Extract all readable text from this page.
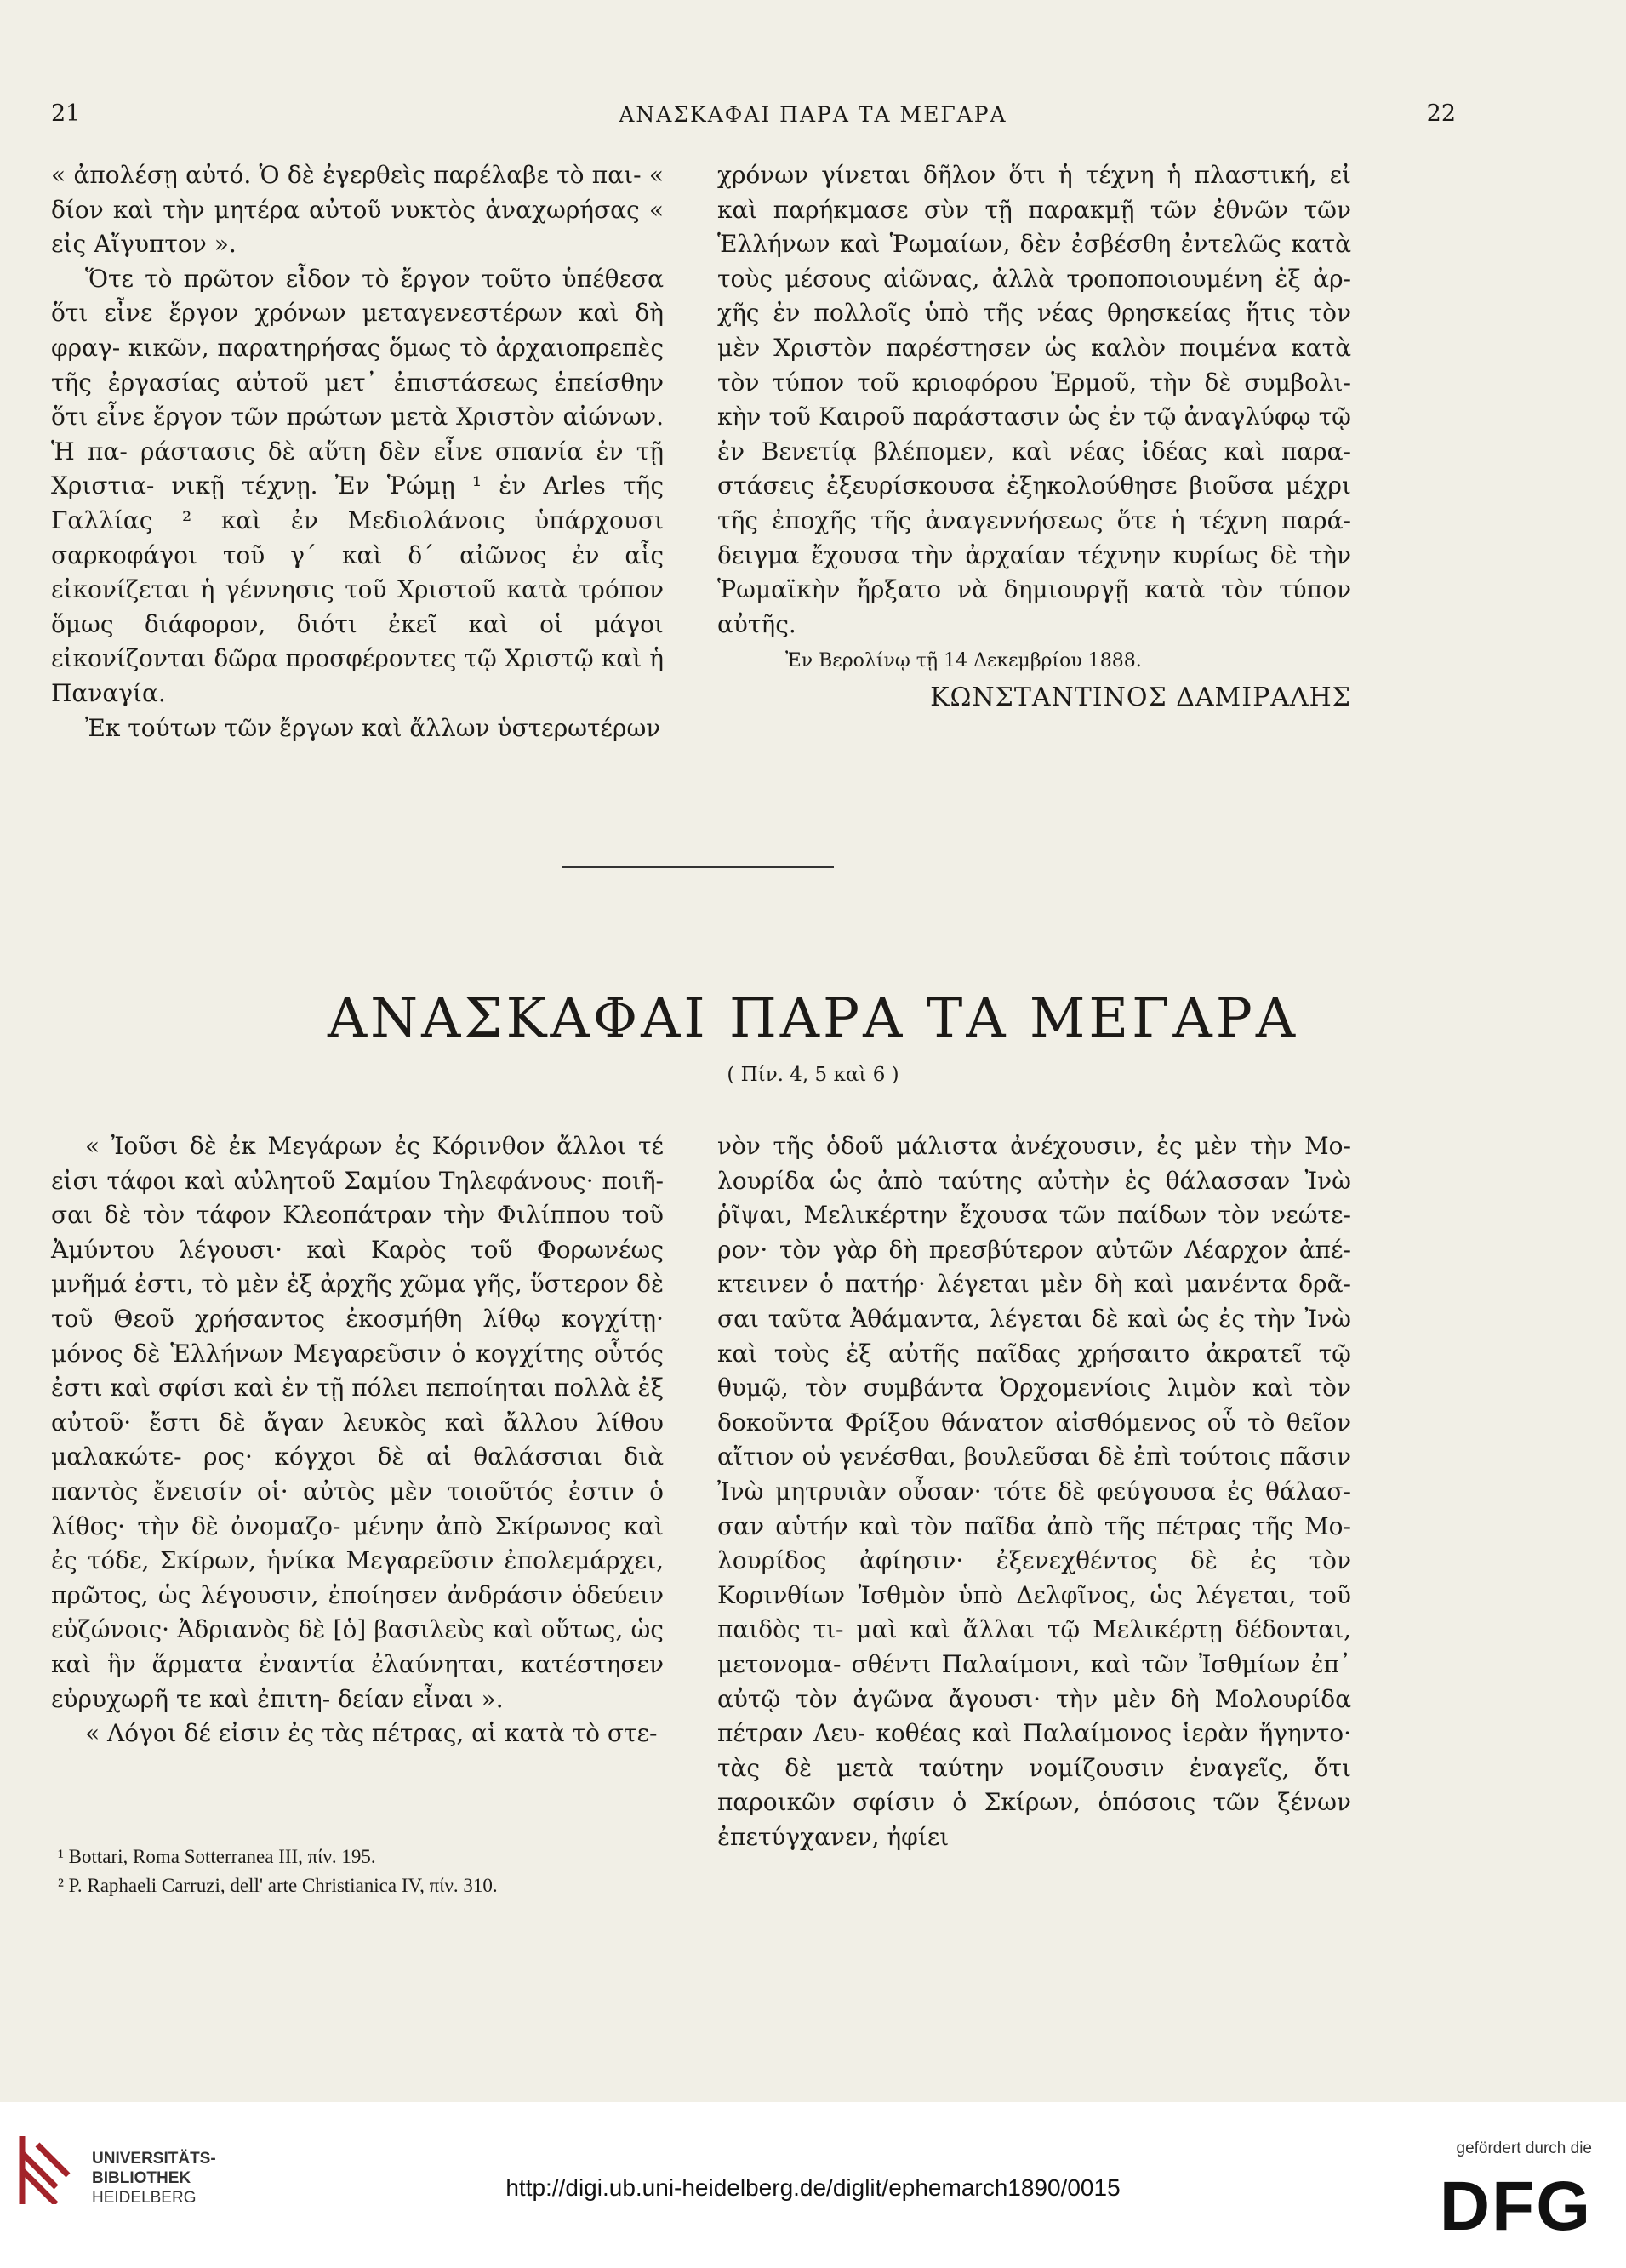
21	ΑΝΑΣΚΑΦΑΙ ΠΑΡΑ ΤΑ ΜΕΓΑΡΑ	22

« ἀπολέσῃ αὐτό. Ὁ δὲ ἐγερθεὶς παρέλαβε τὸ παι- « δίον καὶ τὴν μητέρα αὐτοῦ νυκτὸς ἀναχωρήσας « εἰς Αἴγυπτον ».

Ὅτε τὸ πρῶτον εἶδον τὸ ἔργον τοῦτο ὑπέθεσα ὅτι εἶνε ἔργον χρόνων μεταγενεστέρων καὶ δὴ φραγ- κικῶν, παρατηρήσας ὅμως τὸ ἀρχαιοπρεπὲς τῆς ἐργασίας αὐτοῦ μετ᾽ ἐπιστάσεως ἐπείσθην ὅτι εἶνε ἔργον τῶν πρώτων μετὰ Χριστὸν αἰώνων. Ἡ πα- ράστασις δὲ αὕτη δὲν εἶνε σπανία ἐν τῇ Χριστια- νικῇ τέχνῃ. Ἐν Ῥώμῃ ¹ ἐν Arles τῆς Γαλλίας ² καὶ ἐν Μεδιολάνοις ὑπάρχουσι σαρκοφάγοι τοῦ γ´ καὶ δ´ αἰῶνος ἐν αἷς εἰκονίζεται ἡ γέννησις τοῦ Χριστοῦ κατὰ τρόπον ὅμως διάφορον, διότι ἐκεῖ καὶ οἱ μάγοι εἰκονίζονται δῶρα προσφέροντες τῷ Χριστῷ καὶ ἡ Παναγία.

Ἐκ τούτων τῶν ἔργων καὶ ἄλλων ὑστερωτέρων

χρόνων γίνεται δῆλον ὅτι ἡ τέχνη ἡ πλαστική, εἰ καὶ παρήκμασε σὺν τῇ παρακμῇ τῶν ἐθνῶν τῶν Ἑλλήνων καὶ Ῥωμαίων, δὲν ἐσβέσθη ἐντελῶς κατὰ τοὺς μέσους αἰῶνας, ἀλλὰ τροποποιουμένη ἐξ ἀρ- χῆς ἐν πολλοῖς ὑπὸ τῆς νέας θρησκείας ἥτις τὸν μὲν Χριστὸν παρέστησεν ὡς καλὸν ποιμένα κατὰ τὸν τύπον τοῦ κριοφόρου Ἑρμοῦ, τὴν δὲ συμβολι- κὴν τοῦ Καιροῦ παράστασιν ὡς ἐν τῷ ἀναγλύφῳ τῷ ἐν Βενετίᾳ βλέπομεν, καὶ νέας ἰδέας καὶ παρα- στάσεις ἐξευρίσκουσα ἐξηκολούθησε βιοῦσα μέχρι τῆς ἐποχῆς τῆς ἀναγεννήσεως ὅτε ἡ τέχνη παρά- δειγμα ἔχουσα τὴν ἀρχαίαν τέχνην κυρίως δὲ τὴν Ῥωμαϊκὴν ἤρξατο νὰ δημιουργῇ κατὰ τὸν τύπον αὐτῆς.

Ἐν Βερολίνῳ τῇ 14 Δεκεμβρίου 1888.

ΚΩΝΣΤΑΝΤΙΝΟΣ ΔΑΜΙΡΑΛΗΣ

ΑΝΑΣΚΑΦΑΙ ΠΑΡΑ ΤΑ ΜΕΓΑΡΑ
( Πίν. 4, 5 καὶ 6 )

« Ἰοῦσι δὲ ἐκ Μεγάρων ἐς Κόρινθον ἄλλοι τέ εἰσι τάφοι καὶ αὐλητοῦ Σαμίου Τηλεφάνους· ποιῆ- σαι δὲ τὸν τάφον Κλεοπάτραν τὴν Φιλίππου τοῦ Ἀμύντου λέγουσι· καὶ Καρὸς τοῦ Φορωνέως μνῆμά ἐστι, τὸ μὲν ἐξ ἀρχῆς χῶμα γῆς, ὕστερον δὲ τοῦ Θεοῦ χρήσαντος ἐκοσμήθη λίθῳ κογχίτῃ· μόνος δὲ Ἑλλήνων Μεγαρεῦσιν ὁ κογχίτης οὗτός ἐστι καὶ σφίσι καὶ ἐν τῇ πόλει πεποίηται πολλὰ ἐξ αὐτοῦ· ἔστι δὲ ἄγαν λευκὸς καὶ ἄλλου λίθου μαλακώτε- ρος· κόγχοι δὲ αἱ θαλάσσιαι διὰ παντὸς ἔνεισίν οἱ· αὐτὸς μὲν τοιοῦτός ἐστιν ὁ λίθος· τὴν δὲ ὀνομαζο- μένην ἀπὸ Σκίρωνος καὶ ἐς τόδε, Σκίρων, ἡνίκα Μεγαρεῦσιν ἐπολεμάρχει, πρῶτος, ὡς λέγουσιν, ἐποίησεν ἀνδράσιν ὁδεύειν εὐζώνοις· Ἀδριανὸς δὲ [ὁ] βασιλεὺς καὶ οὕτως, ὡς καὶ ἣν ἅρματα ἐναντία ἐλαύνηται, κατέστησεν εὐρυχωρῆ τε καὶ ἐπιτη- δείαν εἶναι ».

« Λόγοι δέ εἰσιν ἐς τὰς πέτρας, αἱ κατὰ τὸ στε-

νὸν τῆς ὁδοῦ μάλιστα ἀνέχουσιν, ἐς μὲν τὴν Μο- λουρίδα ὡς ἀπὸ ταύτης αὐτὴν ἐς θάλασσαν Ἰνὼ ῥῖψαι, Μελικέρτην ἔχουσα τῶν παίδων τὸν νεώτε- ρον· τὸν γὰρ δὴ πρεσβύτερον αὐτῶν Λέαρχον ἀπέ- κτεινεν ὁ πατήρ· λέγεται μὲν δὴ καὶ μανέντα δρᾶ- σαι ταῦτα Ἀθάμαντα, λέγεται δὲ καὶ ὡς ἐς τὴν Ἰνὼ καὶ τοὺς ἐξ αὐτῆς παῖδας χρήσαιτο ἀκρατεῖ τῷ θυμῷ, τὸν συμβάντα Ὀρχομενίοις λιμὸν καὶ τὸν δοκοῦντα Φρίξου θάνατον αἰσθόμενος οὗ τὸ θεῖον αἴτιον οὐ γενέσθαι, βουλεῦσαι δὲ ἐπὶ τούτοις πᾶσιν Ἰνὼ μητρυιὰν οὖσαν· τότε δὲ φεύγουσα ἐς θάλασ- σαν αὑτήν καὶ τὸν παῖδα ἀπὸ τῆς πέτρας τῆς Μο- λουρίδος ἀφίησιν· ἐξενεχθέντος δὲ ἐς τὸν Κορινθίων Ἰσθμὸν ὑπὸ Δελφῖνος, ὡς λέγεται, τοῦ παιδὸς τι- μαὶ καὶ ἄλλαι τῷ Μελικέρτῃ δέδονται, μετονομα- σθέντι Παλαίμονι, καὶ τῶν Ἰσθμίων ἐπ᾽ αὐτῷ τὸν ἀγῶνα ἄγουσι· τὴν μὲν δὴ Μολουρίδα πέτραν Λευ- κοθέας καὶ Παλαίμονος ἱερὰν ἥγηντο· τὰς δὲ μετὰ ταύτην νομίζουσιν ἐναγεῖς, ὅτι παροικῶν σφίσιν ὁ Σκίρων, ὁπόσοις τῶν ξένων ἐπετύγχανεν, ἠφίει

¹ Bottari, Roma Sotterranea III, πίν. 195.
² P. Raphaeli Carruzi, dell' arte Christianica IV, πίν. 310.
UNIVERSITÄTS-
BIBLIOTHEK
HEIDELBERG	http://digi.ub.uni-heidelberg.de/diglit/ephemarch1890/0015
gefördert durch die
DFG
